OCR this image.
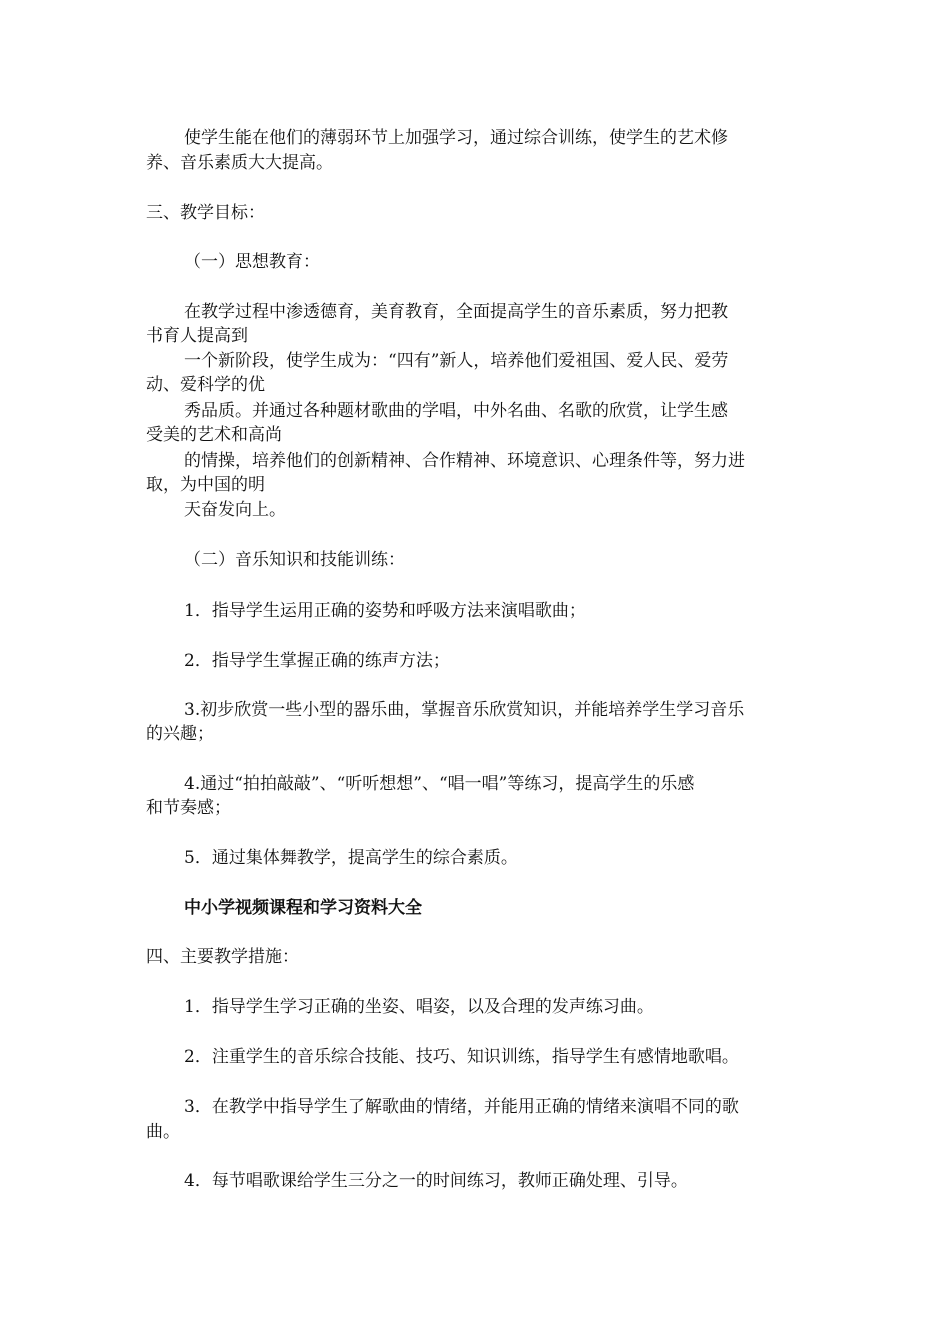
使学生能在他们的薄弱环节上加强学习，通过综合训练，使学生的艺术修
养、音乐素质大大提高。
三、教学目标：
（一）思想教育：
在教学过程中渗透德育，美育教育，全面提高学生的音乐素质，努力把教
书育人提高到
一个新阶段，使学生成为：“四有”新人，培养他们爱祖国、爱人民、爱劳
动、爱科学的优
秀品质。并通过各种题材歌曲的学唱，中外名曲、名歌的欣赏，让学生感
受美的艺术和高尚
的情操，培养他们的创新精神、合作精神、环境意识、心理条件等，努力进
取，为中国的明
天奋发向上。
（二）音乐知识和技能训练：
1．指导学生运用正确的姿势和呼吸方法来演唱歌曲；
2．指导学生掌握正确的练声方法；
3.初步欣赏一些小型的器乐曲，掌握音乐欣赏知识，并能培养学生学习音乐
的兴趣；
4.通过“拍拍敲敲”、“听听想想”、“唱一唱”等练习，提高学生的乐感
和节奏感；
5．通过集体舞教学，提高学生的综合素质。
中小学视频课程和学习资料大全
四、主要教学措施：
1．指导学生学习正确的坐姿、唱姿，以及合理的发声练习曲。
2．注重学生的音乐综合技能、技巧、知识训练，指导学生有感情地歌唱。
3．在教学中指导学生了解歌曲的情绪，并能用正确的情绪来演唱不同的歌
曲。
4．每节唱歌课给学生三分之一的时间练习，教师正确处理、引导。
